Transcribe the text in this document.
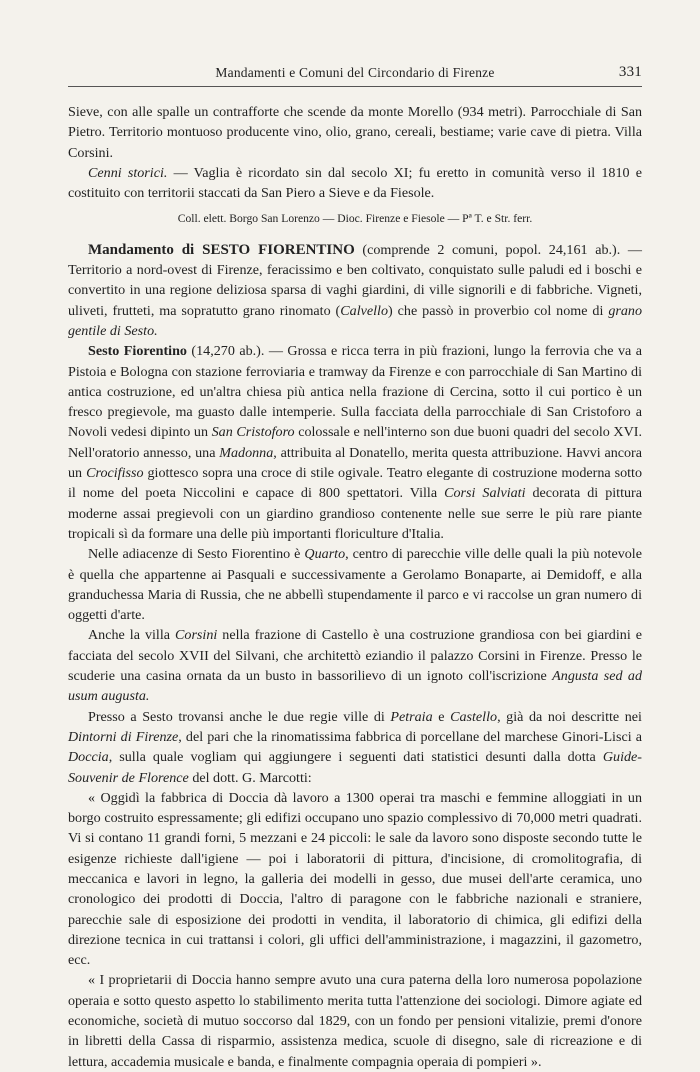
Mandamenti e Comuni del Circondario di Firenze	331

Sieve, con alle spalle un contrafforte che scende da monte Morello (934 metri). Parrocchiale di San Pietro. Territorio montuoso producente vino, olio, grano, cereali, bestiame; varie cave di pietra. Villa Corsini.

Cenni storici. — Vaglia è ricordato sin dal secolo XI; fu eretto in comunità verso il 1810 e costituito con territorii staccati da San Piero a Sieve e da Fiesole.

Coll. elett. Borgo San Lorenzo — Dioc. Firenze e Fiesole — Pª T. e Str. ferr.

Mandamento di SESTO FIORENTINO (comprende 2 comuni, popol. 24,161 ab.). — Territorio a nord-ovest di Firenze, feracissimo e ben coltivato, conquistato sulle paludi ed i boschi e convertito in una regione deliziosa sparsa di vaghi giardini, di ville signorili e di fabbriche. Vigneti, uliveti, frutteti, ma sopratutto grano rinomato (Calvello) che passò in proverbio col nome di grano gentile di Sesto.

Sesto Fiorentino (14,270 ab.). — Grossa e ricca terra in più frazioni, lungo la ferrovia che va a Pistoia e Bologna con stazione ferroviaria e tramway da Firenze e con parrocchiale di San Martino di antica costruzione, ed un'altra chiesa più antica nella frazione di Cercina, sotto il cui portico è un fresco pregievole, ma guasto dalle intemperie. Sulla facciata della parrocchiale di San Cristoforo a Novoli vedesi dipinto un San Cristoforo colossale e nell'interno son due buoni quadri del secolo XVI. Nell'oratorio annesso, una Madonna, attribuita al Donatello, merita questa attribuzione. Havvi ancora un Crocifisso giottesco sopra una croce di stile ogivale. Teatro elegante di costruzione moderna sotto il nome del poeta Niccolini e capace di 800 spettatori. Villa Corsi Salviati decorata di pittura moderne assai pregievoli con un giardino grandioso contenente nelle sue serre le più rare piante tropicali sì da formare una delle più importanti floriculture d'Italia.

Nelle adiacenze di Sesto Fiorentino è Quarto, centro di parecchie ville delle quali la più notevole è quella che appartenne ai Pasquali e successivamente a Gerolamo Bonaparte, ai Demidoff, e alla granduchessa Maria di Russia, che ne abbellì stupendamente il parco e vi raccolse un gran numero di oggetti d'arte.

Anche la villa Corsini nella frazione di Castello è una costruzione grandiosa con bei giardini e facciata del secolo XVII del Silvani, che architettò eziandio il palazzo Corsini in Firenze. Presso le scuderie una casina ornata da un busto in bassorilievo di un ignoto coll'iscrizione Angusta sed ad usum augusta.

Presso a Sesto trovansi anche le due regie ville di Petraia e Castello, già da noi descritte nei Dintorni di Firenze, del pari che la rinomatissima fabbrica di porcellane del marchese Ginori-Lisci a Doccia, sulla quale vogliam qui aggiungere i seguenti dati statistici desunti dalla dotta Guide-Souvenir de Florence del dott. G. Marcotti:

« Oggidì la fabbrica di Doccia dà lavoro a 1300 operai tra maschi e femmine alloggiati in un borgo costruito espressamente; gli edifizi occupano uno spazio complessivo di 70,000 metri quadrati. Vi si contano 11 grandi forni, 5 mezzani e 24 piccoli: le sale da lavoro sono disposte secondo tutte le esigenze richieste dall'igiene — poi i laboratorii di pittura, d'incisione, di cromolitografia, di meccanica e lavori in legno, la galleria dei modelli in gesso, due musei dell'arte ceramica, uno cronologico dei prodotti di Doccia, l'altro di paragone con le fabbriche nazionali e straniere, parecchie sale di esposizione dei prodotti in vendita, il laboratorio di chimica, gli edifizi della direzione tecnica in cui trattansi i colori, gli uffici dell'amministrazione, i magazzini, il gazometro, ecc.

« I proprietarii di Doccia hanno sempre avuto una cura paterna della loro numerosa popolazione operaia e sotto questo aspetto lo stabilimento merita tutta l'attenzione dei sociologi. Dimore agiate ed economiche, società di mutuo soccorso dal 1829, con un fondo per pensioni vitalizie, premi d'onore in libretti della Cassa di risparmio, assistenza medica, scuole di disegno, sale di ricreazione e di lettura, accademia musicale e banda, e finalmente compagnia operaia di pompieri ».
